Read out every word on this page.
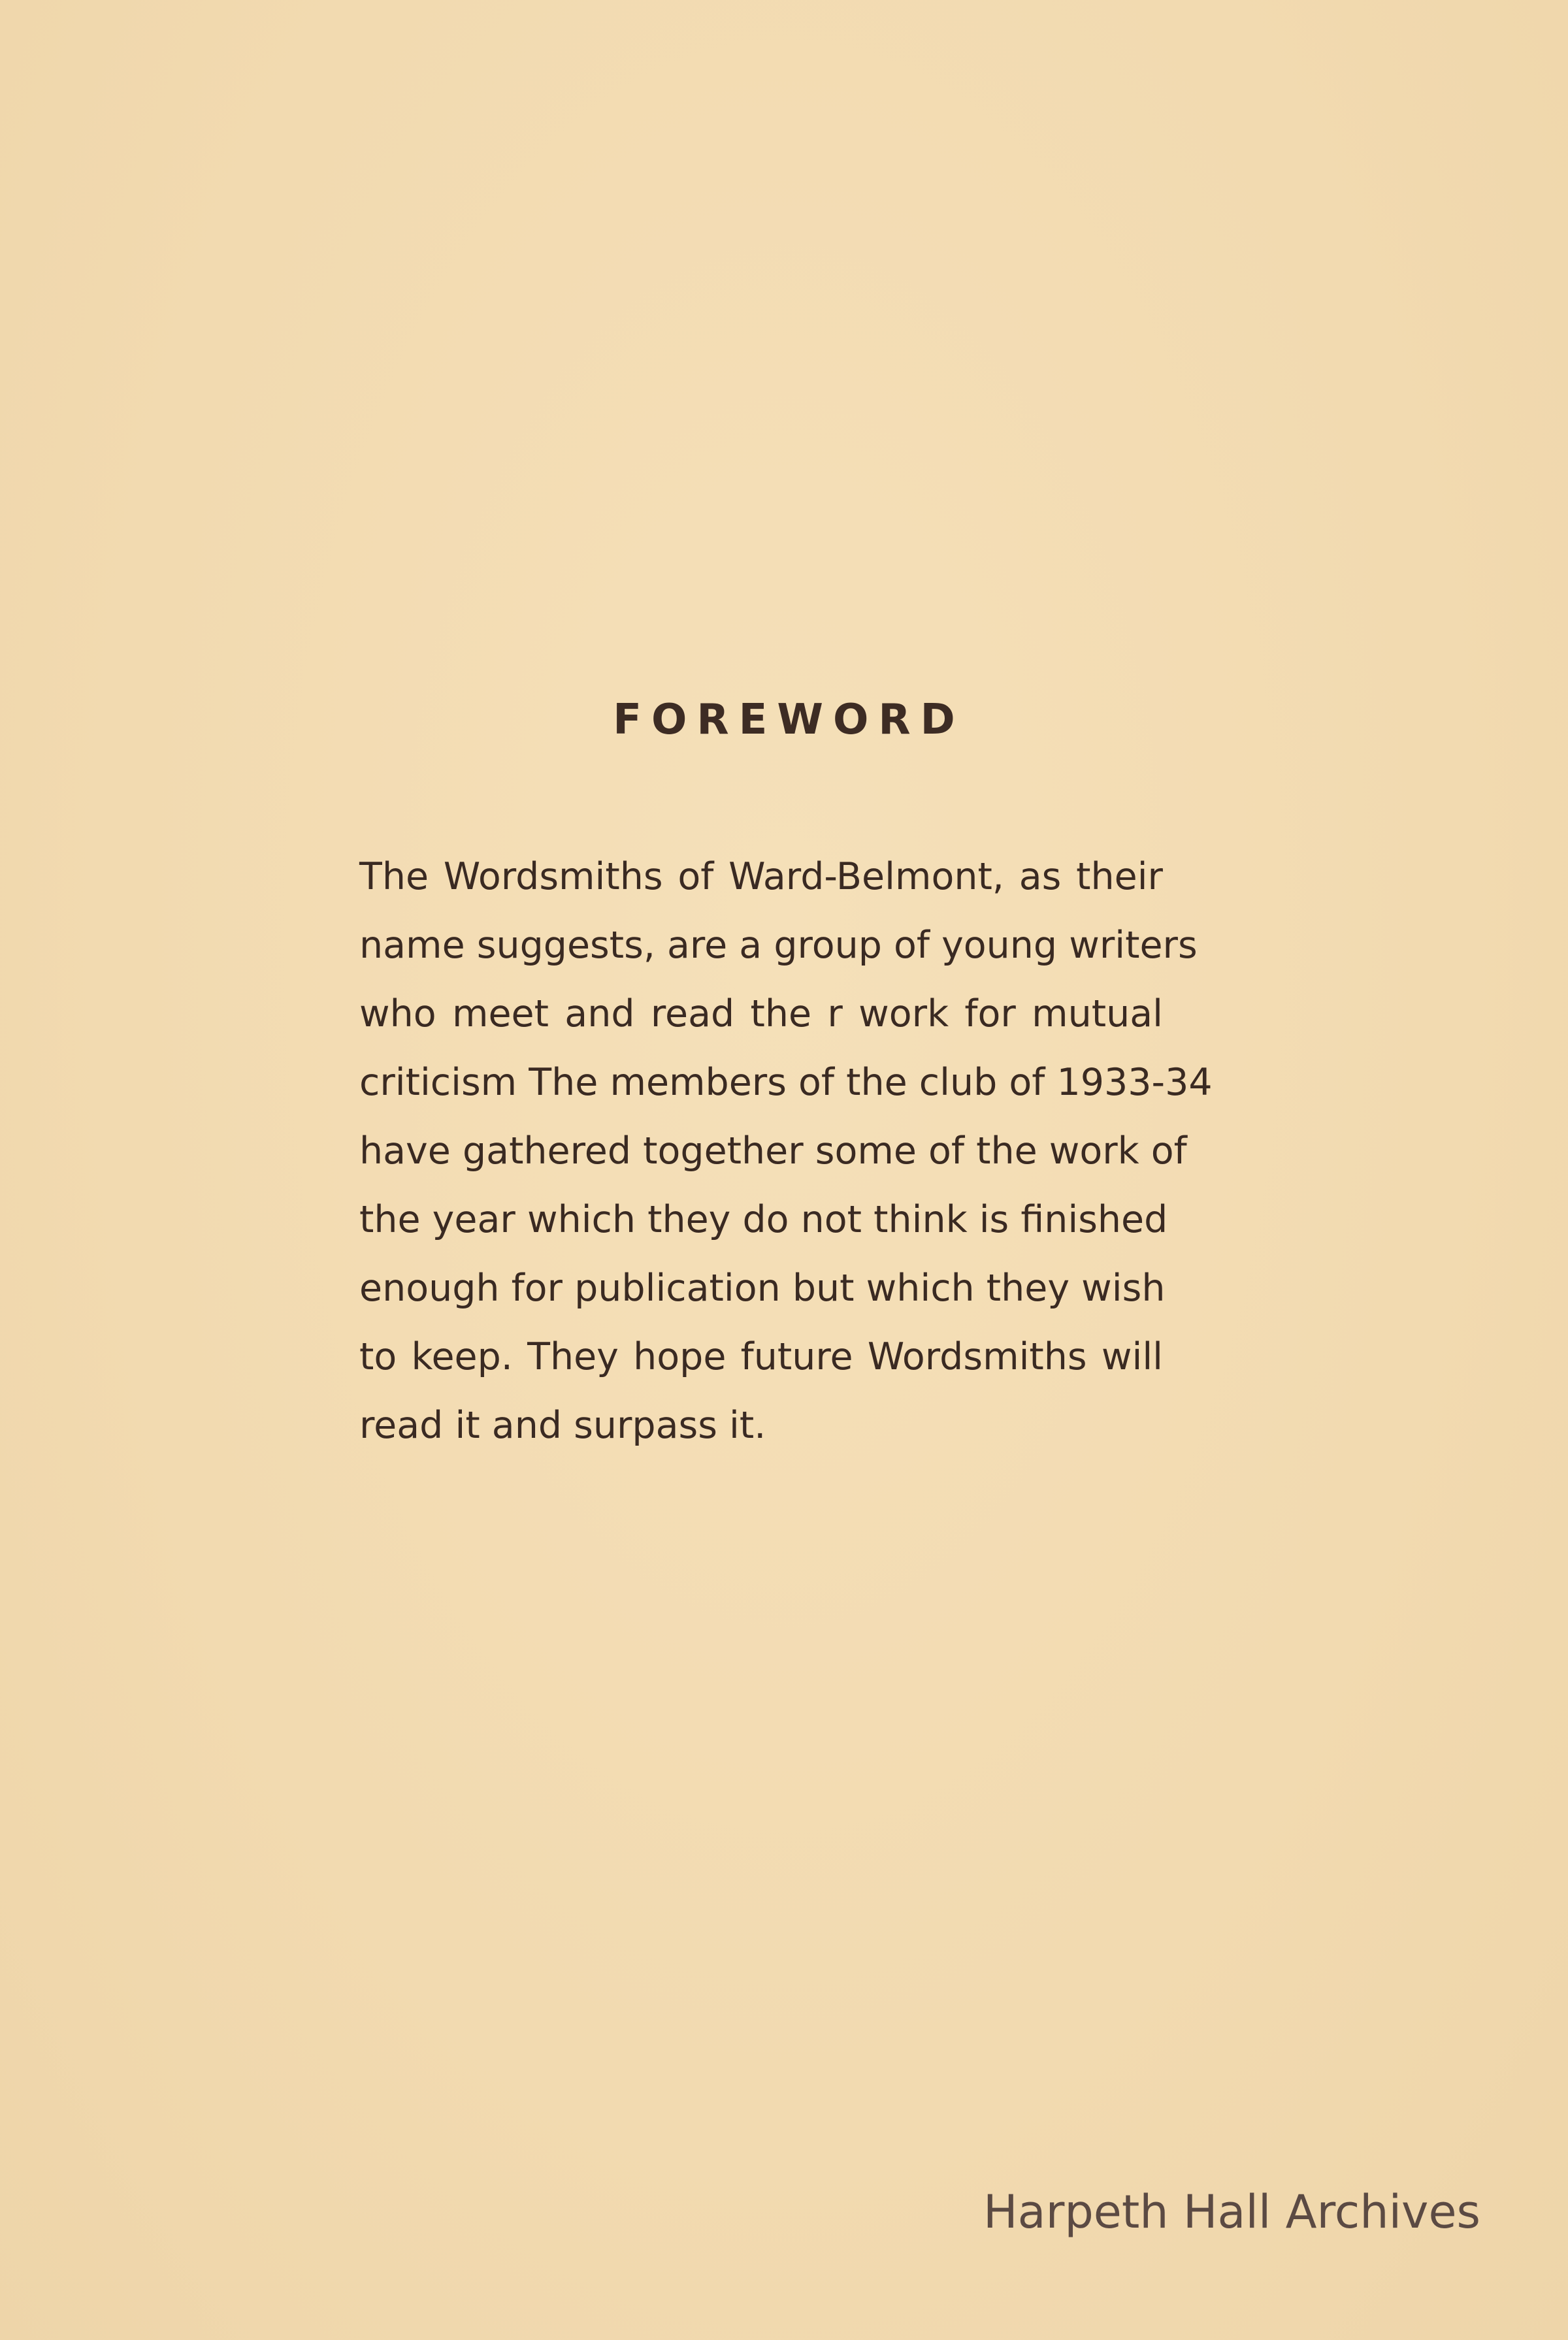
FOREWORD
The Wordsmiths of Ward-Belmont, as their
name suggests, are a group of young writers
who meet and read the r work for mutual
criticism The members of the club of 1933-34
have gathered together some of the work of
the year which they do not think is finished
enough for publication but which they wish
to keep. They hope future Wordsmiths will
read it and surpass it.
Harpeth Hall Archives
